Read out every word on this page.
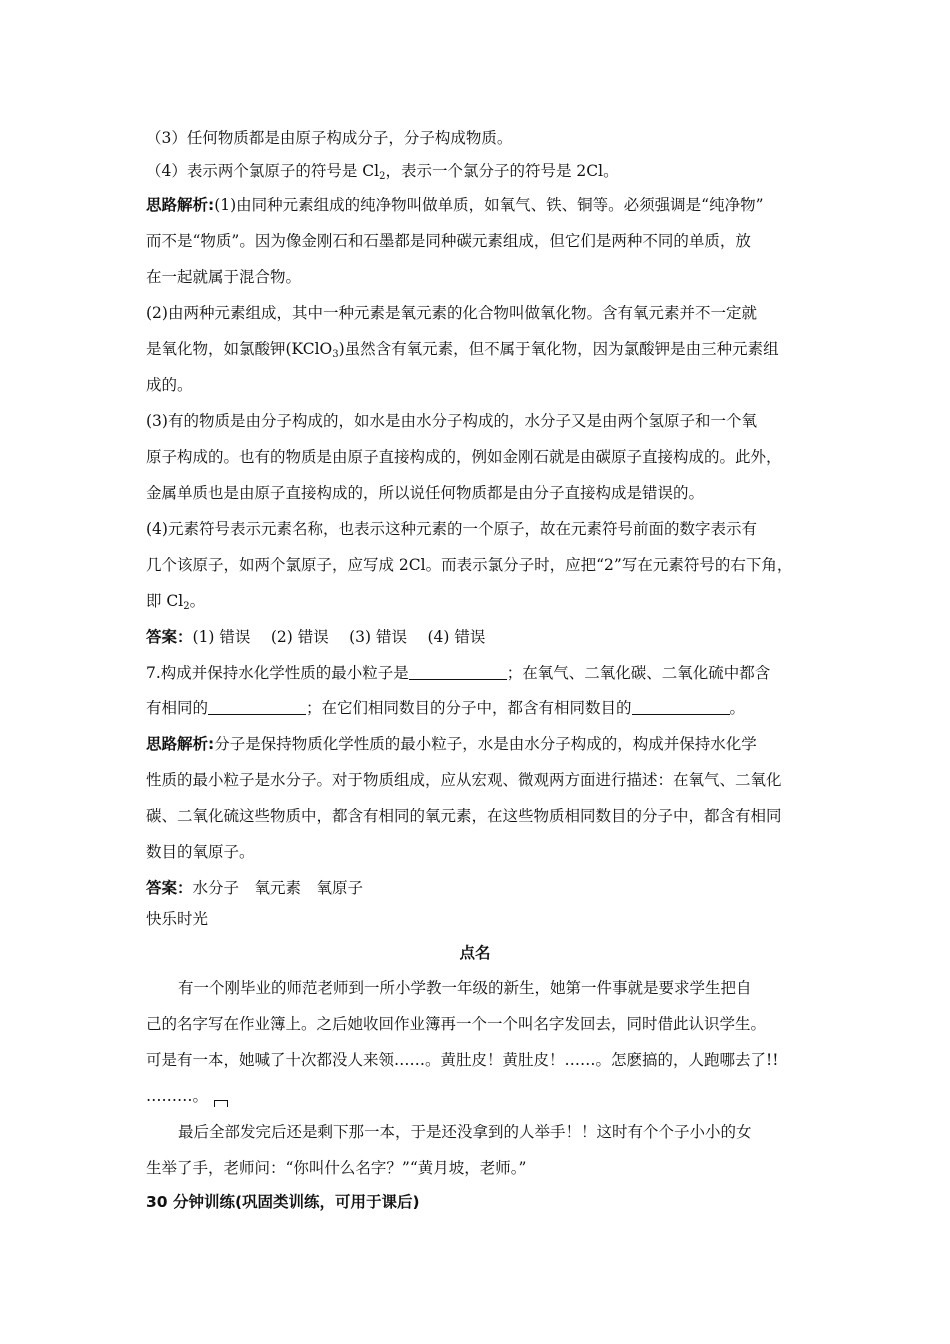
（3）任何物质都是由原子构成分子，分子构成物质。
（4）表示两个氯原子的符号是 $Cl_2$，表示一个氯分子的符号是 2Cl。
思路解析:(1)由同种元素组成的纯净物叫做单质，如氧气、铁、铜等。必须强调是“纯净物”
而不是“物质”。因为像金刚石和石墨都是同种碳元素组成，但它们是两种不同的单质，放
在一起就属于混合物。
(2)由两种元素组成，其中一种元素是氧元素的化合物叫做氧化物。含有氧元素并不一定就
是氧化物，如氯酸钾(KClO$_3$)虽然含有氧元素，但不属于氧化物，因为氯酸钾是由三种元素组
成的。
(3)有的物质是由分子构成的，如水是由水分子构成的，水分子又是由两个氢原子和一个氧
原子构成的。也有的物质是由原子直接构成的，例如金刚石就是由碳原子直接构成的。此外，
金属单质也是由原子直接构成的，所以说任何物质都是由分子直接构成是错误的。
(4)元素符号表示元素名称，也表示这种元素的一个原子，故在元素符号前面的数字表示有
几个该原子，如两个氯原子，应写成 2Cl。而表示氯分子时，应把“2”写在元素符号的右下角，
即 $Cl_2$。
答案：(1) 错误　 (2) 错误　 (3) 错误　 (4) 错误
7.构成并保持水化学性质的最小粒子是	；在氧气、二氧化碳、二氧化硫中都含
有相同的	；在它们相同数目的分子中，都含有相同数目的	。
思路解析:分子是保持物质化学性质的最小粒子，水是由水分子构成的，构成并保持水化学
性质的最小粒子是水分子。对于物质组成，应从宏观、微观两方面进行描述：在氧气、二氧化
碳、二氧化硫这些物质中，都含有相同的氧元素，在这些物质相同数目的分子中，都含有相同
数目的氧原子。
答案：水分子　氧元素　氧原子
快乐时光
点名
有一个刚毕业的师范老师到一所小学教一年级的新生，她第一件事就是要求学生把自
己的名字写在作业簿上。之后她收回作业簿再一个一个叫名字发回去，同时借此认识学生。
可是有一本，她喊了十次都没人来领……。黄肚皮！黄肚皮！……。怎麽搞的，人跑哪去了!!
………。
最后全部发完后还是剩下那一本，于是还没拿到的人举手！！这时有个个子小小的女
生举了手，老师问：“你叫什么名字？”“黄月坡，老师。”
30 分钟训练(巩固类训练，可用于课后)
